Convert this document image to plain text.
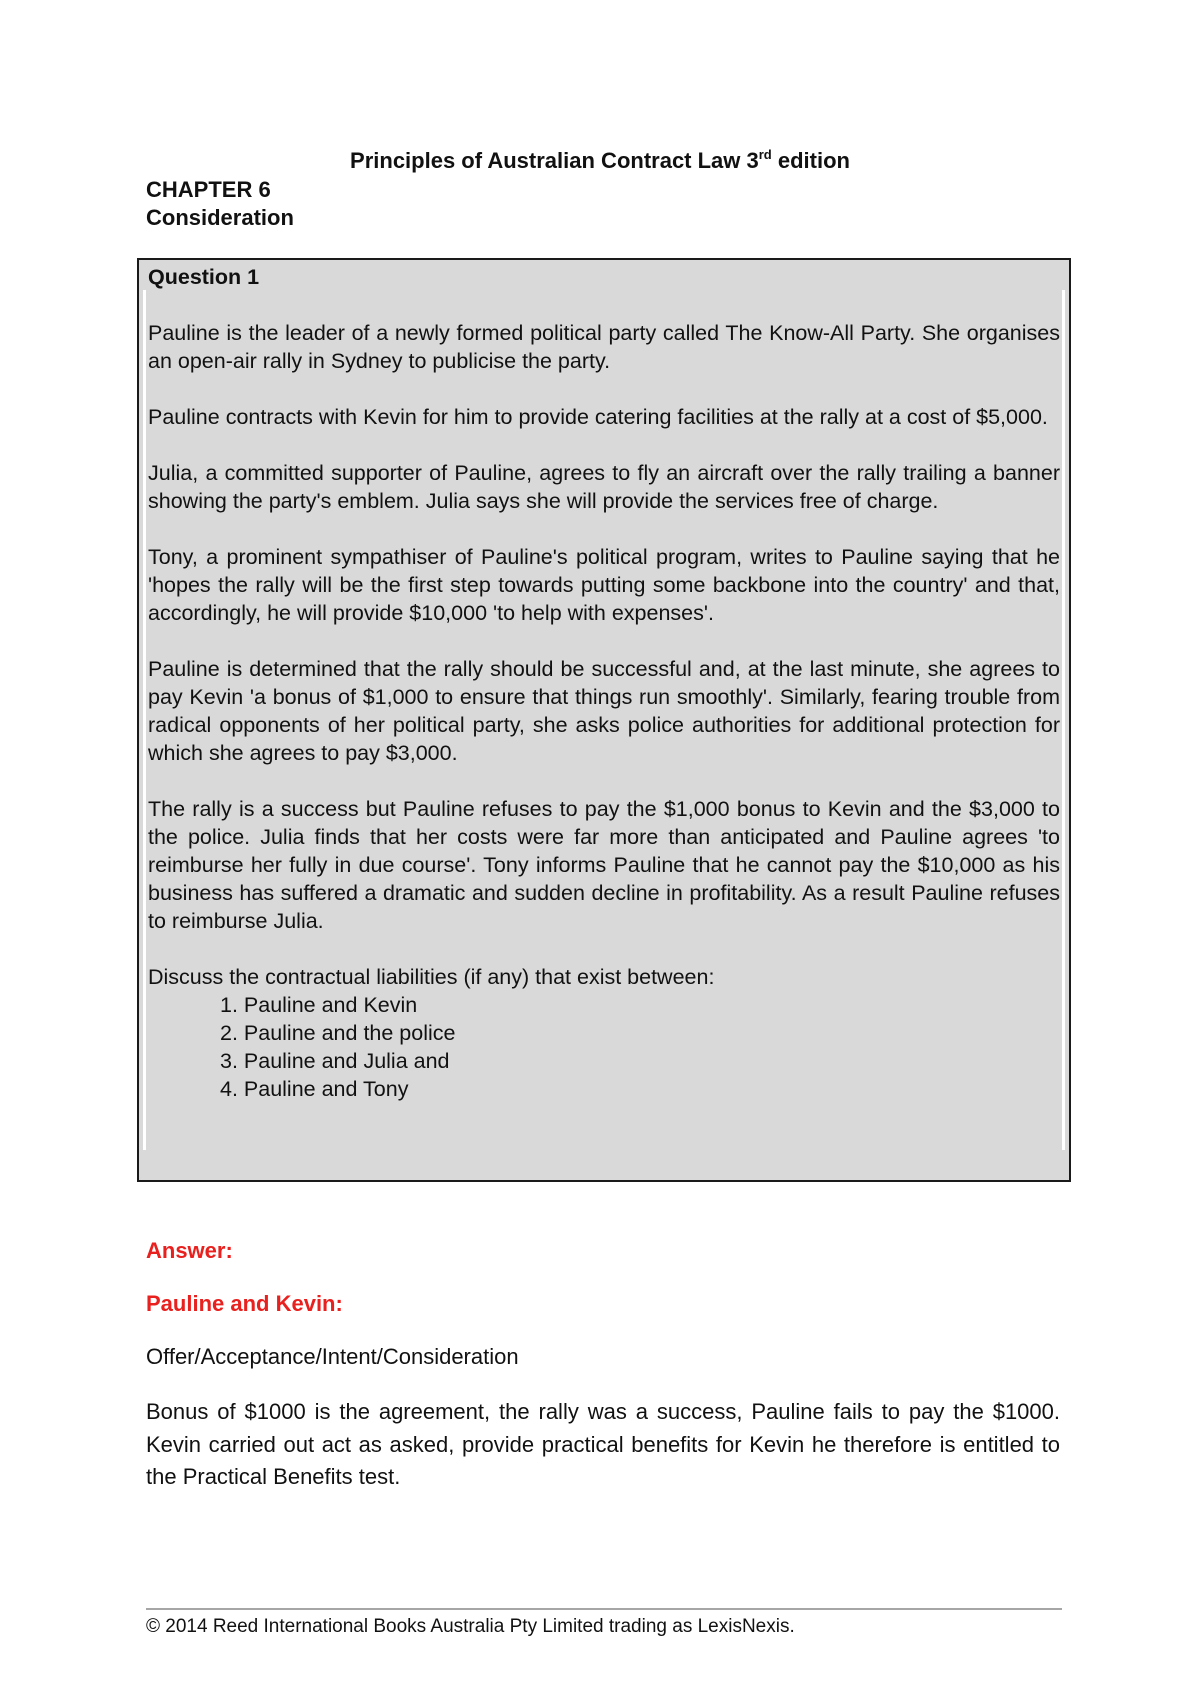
Principles of Australian Contract Law 3rd edition
CHAPTER 6
Consideration

Question 1

Pauline is the leader of a newly formed political party called The Know-All Party. She organises an open-air rally in Sydney to publicise the party.

Pauline contracts with Kevin for him to provide catering facilities at the rally at a cost of $5,000.

Julia, a committed supporter of Pauline, agrees to fly an aircraft over the rally trailing a banner showing the party's emblem. Julia says she will provide the services free of charge.

Tony, a prominent sympathiser of Pauline's political program, writes to Pauline saying that he 'hopes the rally will be the first step towards putting some backbone into the country' and that, accordingly, he will provide $10,000 'to help with expenses'.

Pauline is determined that the rally should be successful and, at the last minute, she agrees to pay Kevin 'a bonus of $1,000 to ensure that things run smoothly'. Similarly, fearing trouble from radical opponents of her political party, she asks police authorities for additional protection for which she agrees to pay $3,000.

The rally is a success but Pauline refuses to pay the $1,000 bonus to Kevin and the $3,000 to the police. Julia finds that her costs were far more than anticipated and Pauline agrees 'to reimburse her fully in due course'. Tony informs Pauline that he cannot pay the $10,000 as his business has suffered a dramatic and sudden decline in profitability. As a result Pauline refuses to reimburse Julia.

Discuss the contractual liabilities (if any) that exist between:

1. Pauline and Kevin
2. Pauline and the police
3. Pauline and Julia and
4. Pauline and Tony

Answer:

Pauline and Kevin:

Offer/Acceptance/Intent/Consideration

Bonus of $1000 is the agreement, the rally was a success, Pauline fails to pay the $1000. Kevin carried out act as asked, provide practical benefits for Kevin he therefore is entitled to the Practical Benefits test.

© 2014 Reed International Books Australia Pty Limited trading as LexisNexis.
